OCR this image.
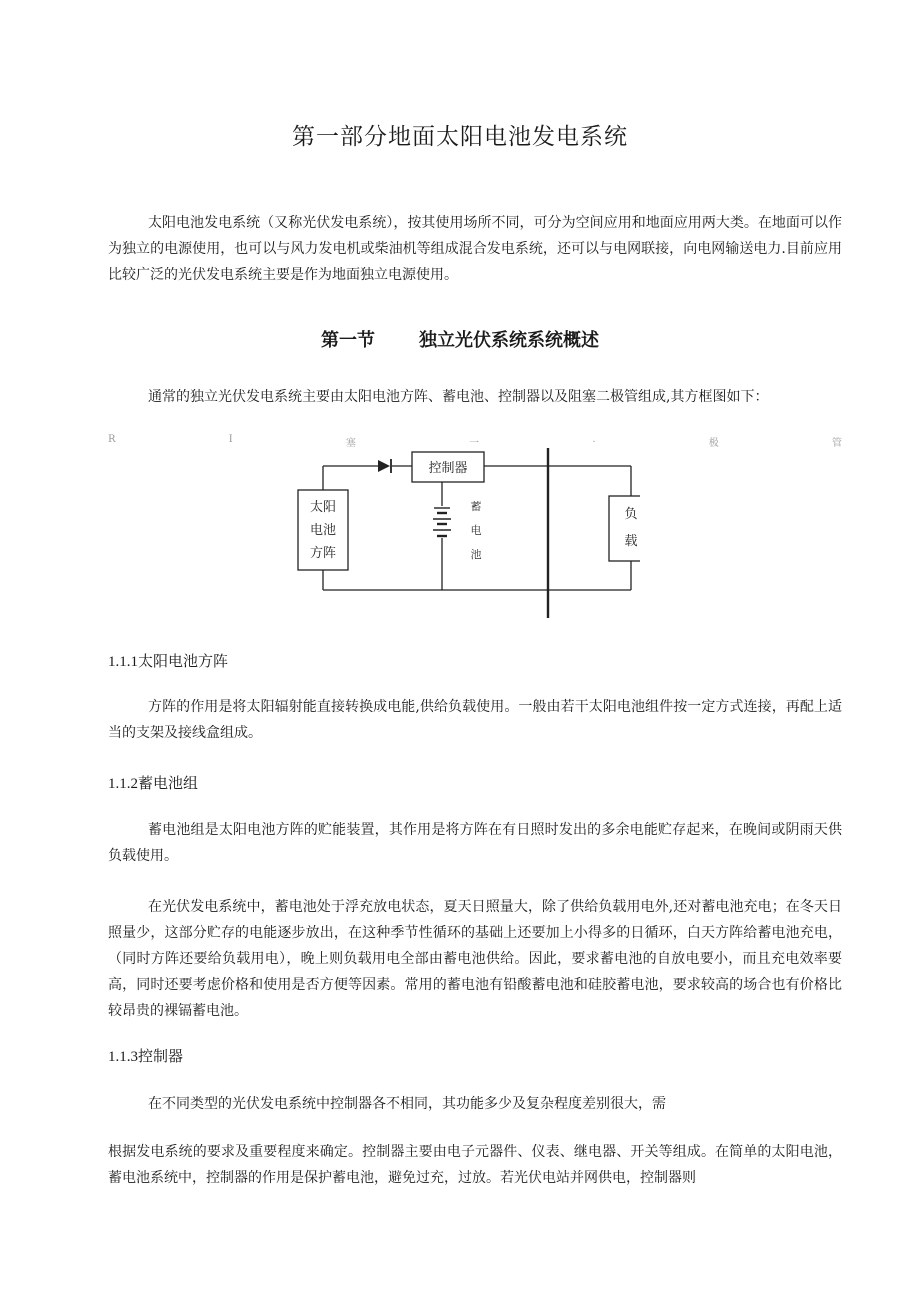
第一部分地面太阳电池发电系统

太阳电池发电系统（又称光伏发电系统），按其使用场所不同，可分为空间应用和地面应用两大类。在地面可以作为独立的电源使用，也可以与风力发电机或柴油机等组成混合发电系统，还可以与电网联接，向电网输送电力.目前应用比较广泛的光伏发电系统主要是作为地面独立电源使用。

第一节 独立光伏系统系统概述

通常的独立光伏发电系统主要由太阳电池方阵、蓄电池、控制器以及阻塞二极管组成,其方框图如下：

R	I	塞	一	.	极	管
控制器
太阳
电池
方阵
蓄
电
池
负
载
1.1.1太阳电池方阵

方阵的作用是将太阳辐射能直接转换成电能,供给负载使用。一般由若干太阳电池组件按一定方式连接，再配上适当的支架及接线盒组成。

1.1.2蓄电池组

蓄电池组是太阳电池方阵的贮能装置，其作用是将方阵在有日照时发出的多余电能贮存起来，在晚间或阴雨天供负载使用。

在光伏发电系统中，蓄电池处于浮充放电状态，夏天日照量大，除了供给负载用电外,还对蓄电池充电；在冬天日照量少，这部分贮存的电能逐步放出，在这种季节性循环的基础上还要加上小得多的日循环，白天方阵给蓄电池充电，（同时方阵还要给负载用电），晚上则负载用电全部由蓄电池供给。因此，要求蓄电池的自放电要小，而且充电效率要高，同时还要考虑价格和使用是否方便等因素。常用的蓄电池有铅酸蓄电池和硅胶蓄电池，要求较高的场合也有价格比较昂贵的裸镉蓄电池。

1.1.3控制器

在不同类型的光伏发电系统中控制器各不相同，其功能多少及复杂程度差别很大，需

根据发电系统的要求及重要程度来确定。控制器主要由电子元器件、仪表、继电器、开关等组成。在简单的太阳电池，蓄电池系统中，控制器的作用是保护蓄电池，避免过充，过放。若光伏电站并网供电，控制器则
